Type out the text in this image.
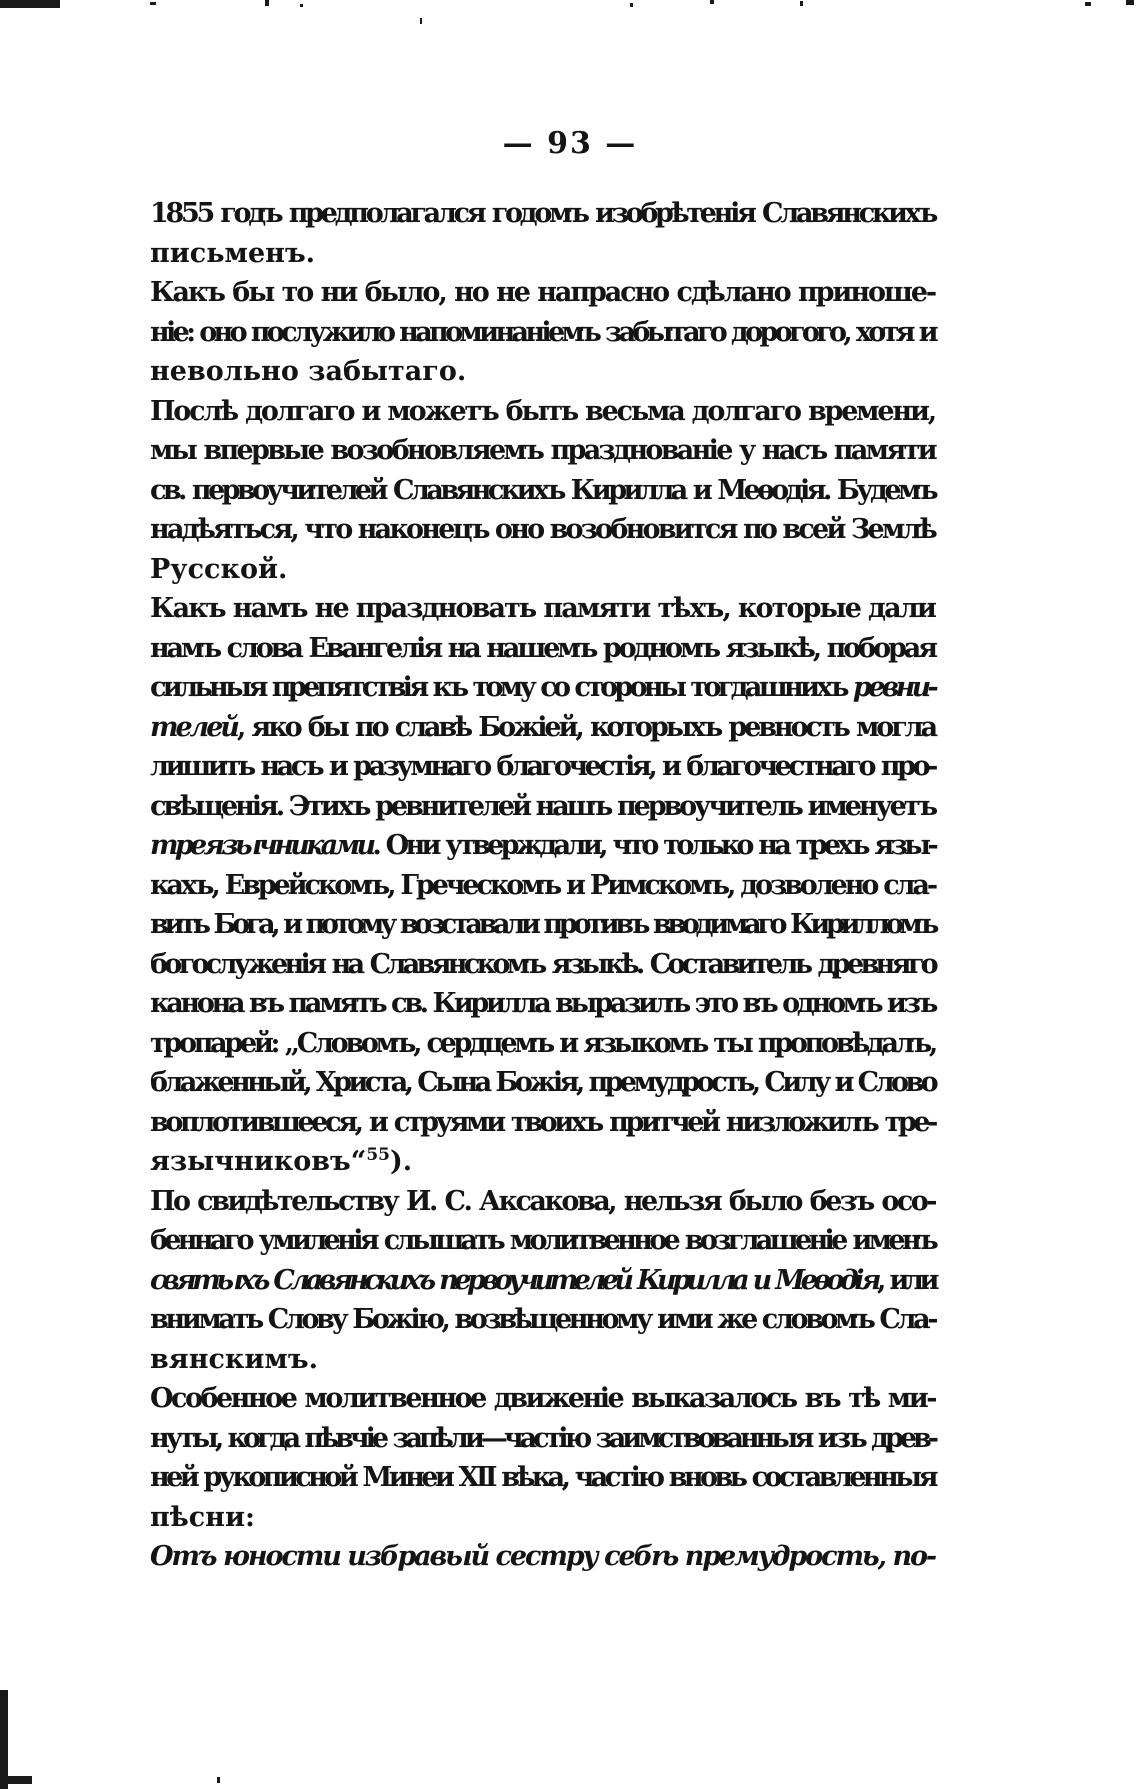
— 93 —
1855 годъ предполагался годомъ изобрѣтенія Славянскихъ
письменъ.
Какъ бы то ни было, но не напрасно сдѣлано приноше-
ніе: оно послужило напоминаніемъ забытаго дорогого, хотя и
невольно забытаго.
Послѣ долгаго и можетъ быть весьма долгаго времени,
мы впервые возобновляемъ празднованіе у насъ памяти
св. первоучителей Славянскихъ Кирилла и Меѳодія. Будемъ
надѣяться, что наконецъ оно возобновится по всей Землѣ
Русской.
Какъ намъ не праздновать памяти тѣхъ, которые дали
намъ слова Евангелія на нашемъ родномъ языкѣ, поборая
сильныя препятствія къ тому со стороны тогдашнихъ ревни-
телей, яко бы по славѣ Божіей, которыхъ ревность могла
лишить насъ и разумнаго благочестія, и благочестнаго про-
свѣщенія. Этихъ ревнителей нашъ первоучитель именуетъ
треязычниками. Они утверждали, что только на трехъ язы-
кахъ, Еврейскомъ, Греческомъ и Римскомъ, дозволено сла-
вить Бога, и потому возставали противъ вводимаго Кирилломъ
богослуженія на Славянскомъ языкѣ. Составитель древняго
канона въ память св. Кирилла выразилъ это въ одномъ изъ
тропарей: „Словомъ, сердцемъ и языкомъ ты проповѣдалъ,
блаженный, Христа, Сына Божія, премудрость, Силу и Слово
воплотившееся, и струями твоихъ притчей низложилъ тре-
язычниковъ“$^{55}$).
По свидѣтельству И. С. Аксакова, нельзя было безъ осо-
беннаго умиленія слышать молитвенное возглашеніе именъ
святыхъ Славянскихъ первоучителей Кирилла и Меѳодія, или
внимать Слову Божію, возвѣщенному ими же словомъ Сла-
вянскимъ.
Особенное молитвенное движеніе выказалось въ тѣ ми-
нуты, когда пѣвчіе запѣли—частію заимствованныя изъ древ-
ней рукописной Минеи XII вѣка, частію вновь составленныя
пѣсни:
Отъ юности избравый сестру себѣ премудрость, по-
